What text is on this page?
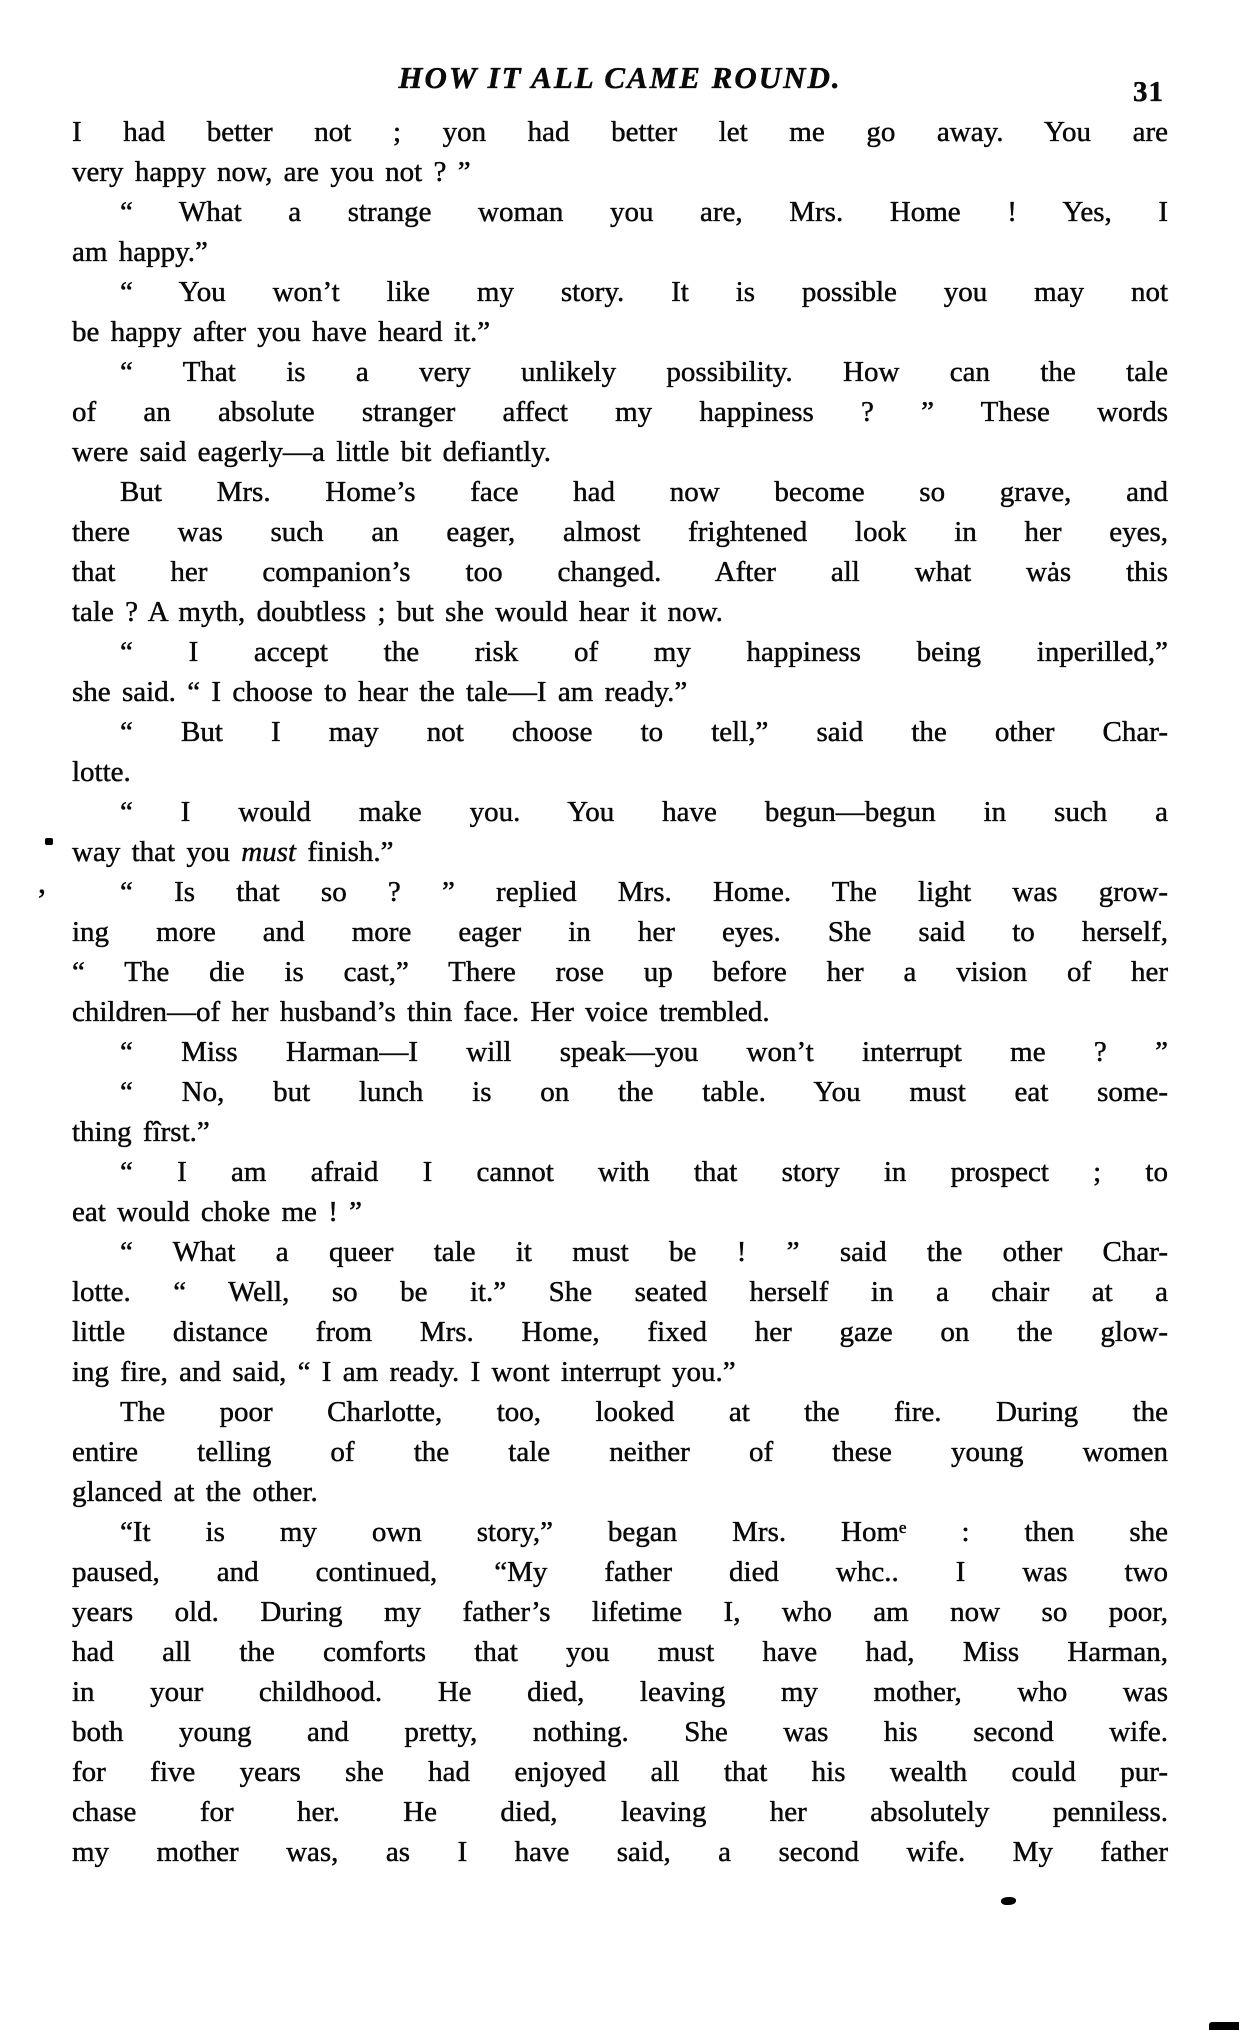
HOW IT ALL CAME ROUND.	31
I had better not ; yon had better let me go away. You are
very happy now, are you not ? ”
“ What a strange woman you are, Mrs. Home ! Yes, I
am happy.”
“ You won’t like my story. It is possible you may not
be happy after you have heard it.”
“ That is a very unlikely possibility. How can the tale
of an absolute stranger affect my happiness ? ” These words
were said eagerly—a little bit defiantly.
But Mrs. Home’s face had now become so grave, and
there was such an eager, almost frightened look in her eyes,
that her companion’s too changed. After all what wȧs this
tale ? A myth, doubtless ; but she would hear it now.
“ I accept the risk of my happiness being inperilled,”
she said. “ I choose to hear the tale—I am ready.”
“ But I may not choose to tell,” said the other Char-
lotte.
“ I would make you. You have begun—begun in such a
way that you must finish.”
“ Is that so ? ” replied Mrs. Home. The light was grow-
ing more and more eager in her eyes. She said to herself,
“ The die is cast,” There rose up before her a vision of her
children—of her husband’s thin face. Her voice trembled.
“ Miss Harman—I will speak—you won’t interrupt me ? ”
“ No, but lunch is on the table. You must eat some-
thing fîrst.”
“ I am afraid I cannot with that story in prospect ; to
eat would choke me ! ”
“ What a queer tale it must be ! ” said the other Char-
lotte. “ Well, so be it.” She seated herself in a chair at a
little distance from Mrs. Home, fixed her gaze on the glow-
ing fire, and said, “ I am ready. I wont interrupt you.”
The poor Charlotte, too, looked at the fire. During the
entire telling of the tale neither of these young women
glanced at the other.
“It is my own story,” began Mrs. Homᵉ : then she
paused, and continued, “My father died whc.. I was two
years old. During my father’s lifetime I, who am now so poor,
had all the comforts that you must have had, Miss Harman,
in your childhood. He died, leaving my mother, who was
both young and pretty, nothing. She was his second wife.
for five years she had enjoyed all that his wealth could pur-
chase for her. He died, leaving her absolutely penniless.
my mother was, as I have said, a second wife. My father
,
